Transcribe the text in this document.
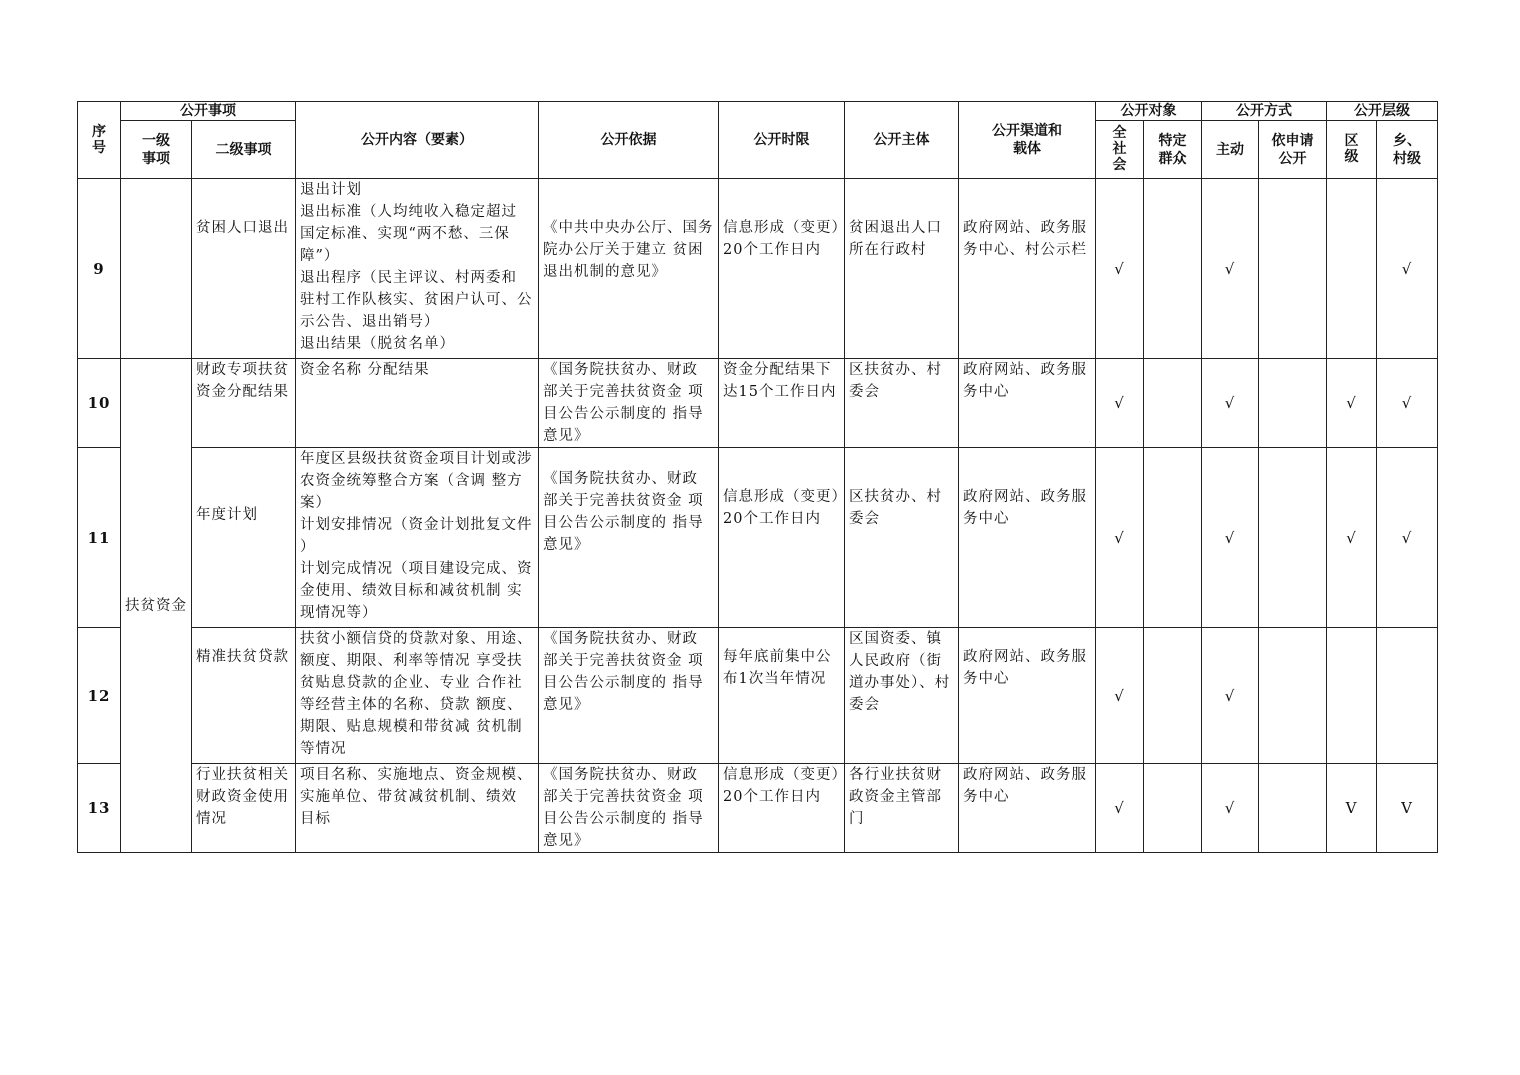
序号	公开事项		公开内容（要素）	公开依据	公开时限	公开主体	公开渠道和载体	公开对象		公开方式		公开层级	
	一级事项	二级事项						全社会	特定群众	主动	依申请公开	区级	乡、村级
9		贫困人口退出	退出计划
退出标准（人均纯收入稳定超过 国定标准、实现“两不愁、三保障”）
退出程序（民主评议、村两委和 驻村工作队核实、贫困户认可、公示公告、退出销号）
退出结果（脱贫名单）	《中共中央办公厅、国务院办公厅关于建立 贫困退出机制的意见》	信息形成（变更）20个工作日内	贫困退出人口所在行政村	政府网站、政务服务中心、村公示栏	√		√			√
10	扶贫资金	财政专项扶贫资金分配结果	资金名称 分配结果	《国务院扶贫办、财政 部关于完善扶贫资金 项目公告公示制度的 指导意见》	资金分配结果下达15个工作日内	区扶贫办、村委会	政府网站、政务服务中心	√		√		√	√
11		年度计划	年度区县级扶贫资金项目计划或涉农资金统筹整合方案（含调 整方案）
计划安排情况（资金计划批复文件 ）
计划完成情况（项目建设完成、资金使用、绩效目标和减贫机制 实现情况等）	《国务院扶贫办、财政 部关于完善扶贫资金 项目公告公示制度的 指导意见》	信息形成（变更）20个工作日内	区扶贫办、村委会	政府网站、政务服务中心	√		√		√	√
12		精准扶贫贷款	扶贫小额信贷的贷款对象、用途、额度、期限、利率等情况 享受扶贫贴息贷款的企业、专业 合作社等经营主体的名称、贷款 额度、期限、贴息规模和带贫减 贫机制等情况	《国务院扶贫办、财政 部关于完善扶贫资金 项目公告公示制度的 指导意见》	每年底前集中公布1次当年情况	区国资委、镇 人民政府（街 道办事处）、村委会	政府网站、政务服务中心	√		√			
13		行业扶贫相关财政资金使用情况	项目名称、实施地点、资金规模、 实施单位、带贫减贫机制、绩效 目标	《国务院扶贫办、财政 部关于完善扶贫资金 项目公告公示制度的 指导意见》	信息形成（变更）20个工作日内	各行业扶贫财政资金主管部门	政府网站、政务服务中心	√		√		V	V
